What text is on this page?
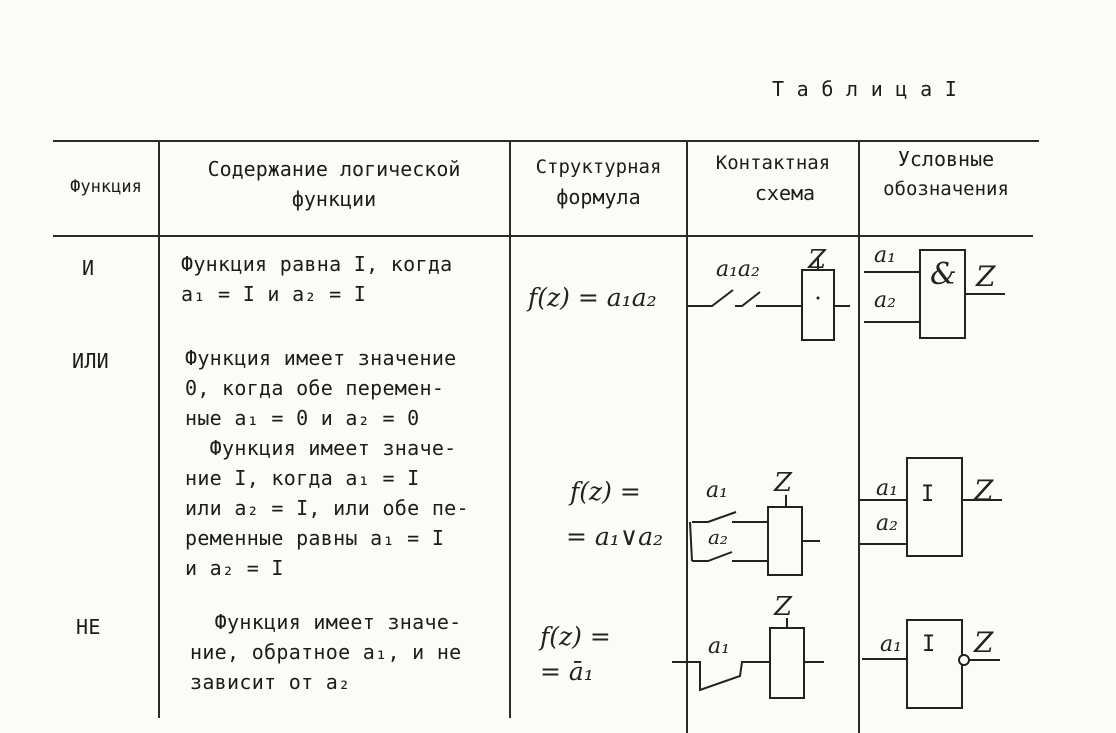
Т а б л и ц а I
Функция
Содержание логической
функции
Структурная
формула
Контактная
схема
Условные
обозначения
И
ИЛИ
НЕ
Функция равна I, когда
a₁ = I и a₂ = I
Функция имеет значение
0, когда обе перемен-
ные a₁ = 0 и a₂ = 0
Функция имеет значе-
ние I, когда a₁ = I
или a₂ = I, или обе пе-
ременные равны a₁ = I
и a₂ = I
Функция имеет значе-
ние, обратное a₁, и не
зависит от a₂
f(z) = a₁a₂
f(z) =
= a₁∨a₂
f(z) =
= ā₁
a₁a₂ Z
a₁
a₂
Z
a₁
Z
a₁
a₂
& Z
a₁
a₂
I Z
a₁ I Z
